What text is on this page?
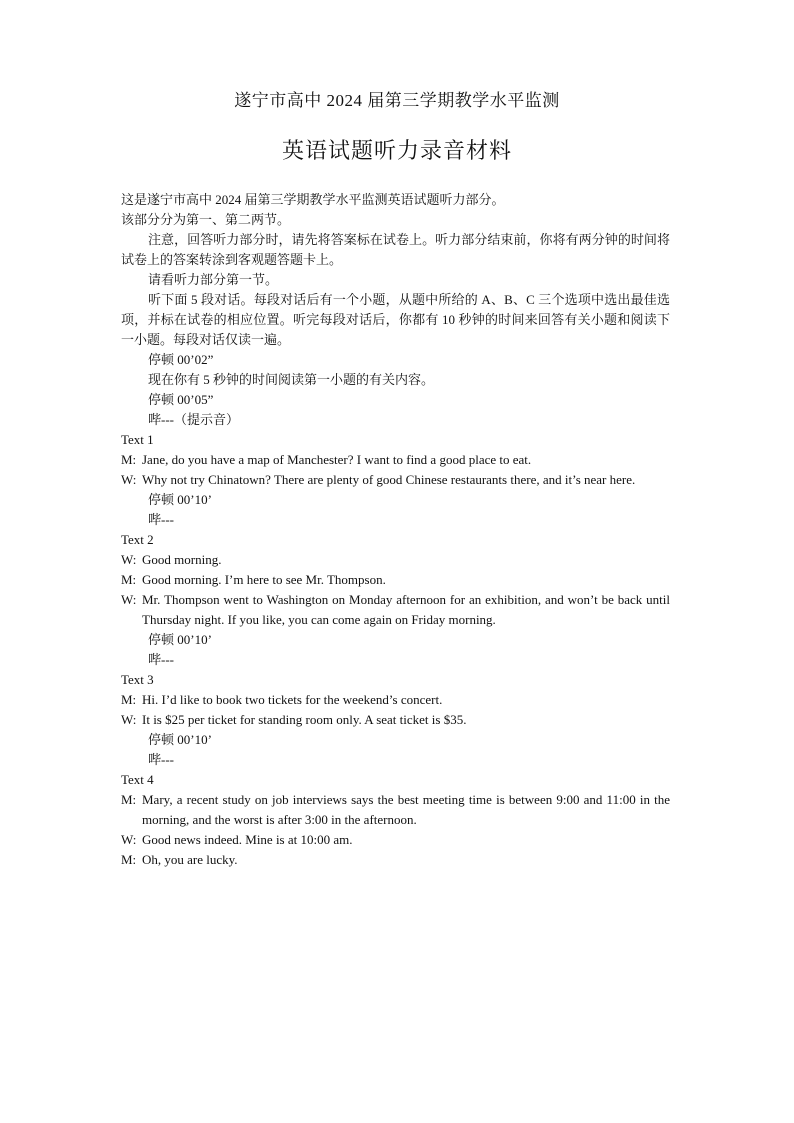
遂宁市高中 2024 届第三学期教学水平监测
英语试题听力录音材料

这是遂宁市高中 2024 届第三学期教学水平监测英语试题听力部分。

该部分分为第一、第二两节。

注意，回答听力部分时，请先将答案标在试卷上。听力部分结束前，你将有两分钟的时间将试卷上的答案转涂到客观题答题卡上。

请看听力部分第一节。

听下面 5 段对话。每段对话后有一个小题，从题中所给的 A、B、C 三个选项中选出最佳选项，并标在试卷的相应位置。听完每段对话后，你都有 10 秒钟的时间来回答有关小题和阅读下一小题。每段对话仅读一遍。

停顿 00’02”

现在你有 5 秒钟的时间阅读第一小题的有关内容。

停顿 00’05”

哔---（提示音）

Text 1

M: Jane, do you have a map of Manchester? I want to find a good place to eat.
W: Why not try Chinatown? There are plenty of good Chinese restaurants there, and it’s near here.

停顿 00’10’

哔---

Text 2

W: Good morning.
M: Good morning. I’m here to see Mr. Thompson.
W: Mr. Thompson went to Washington on Monday afternoon for an exhibition, and won’t be back until Thursday night. If you like, you can come again on Friday morning.

停顿 00’10’

哔---

Text 3

M: Hi. I’d like to book two tickets for the weekend’s concert.
W: It is $25 per ticket for standing room only. A seat ticket is $35.

停顿 00’10’

哔---

Text 4

M: Mary, a recent study on job interviews says the best meeting time is between 9:00 and 11:00 in the morning, and the worst is after 3:00 in the afternoon.
W: Good news indeed. Mine is at 10:00 am.
M: Oh, you are lucky.
